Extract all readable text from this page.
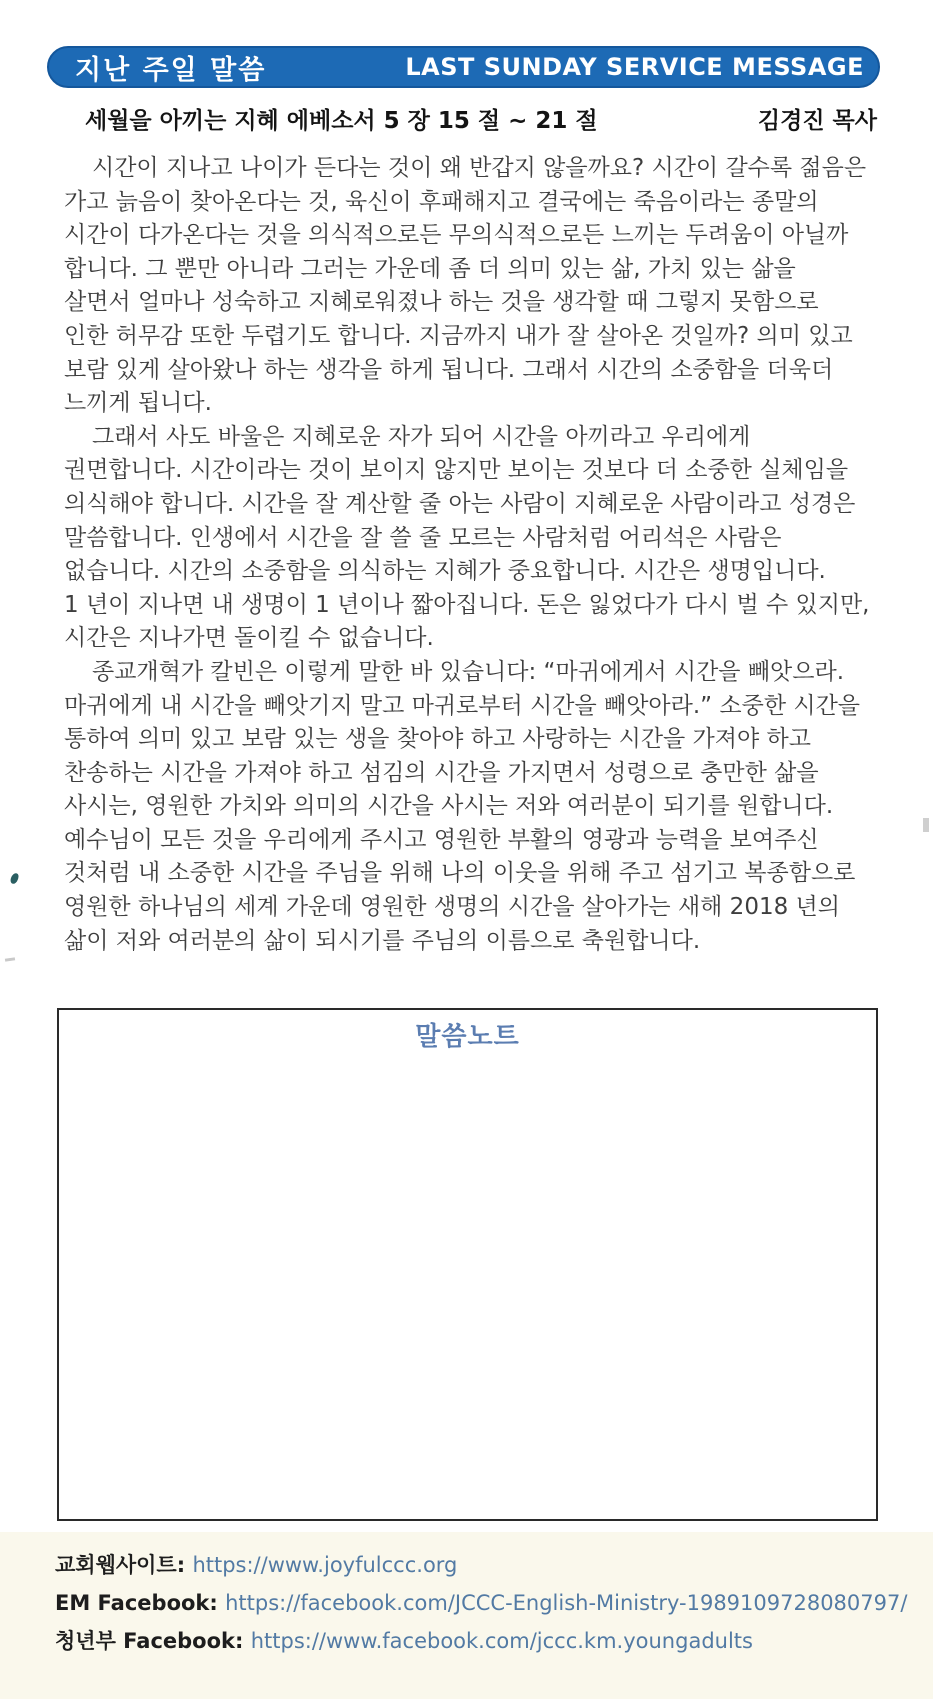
지난 주일 말씀	LAST SUNDAY SERVICE MESSAGE
세월을 아끼는 지혜 에베소서 5 장 15 절 ~ 21 절	김경진 목사
시간이 지나고 나이가 든다는 것이 왜 반갑지 않을까요? 시간이 갈수록 젊음은
가고 늙음이 찾아온다는 것, 육신이 후패해지고 결국에는 죽음이라는 종말의
시간이 다가온다는 것을 의식적으로든 무의식적으로든 느끼는 두려움이 아닐까
합니다. 그 뿐만 아니라 그러는 가운데 좀 더 의미 있는 삶, 가치 있는 삶을
살면서 얼마나 성숙하고 지혜로워졌나 하는 것을 생각할 때 그렇지 못함으로
인한 허무감 또한 두렵기도 합니다. 지금까지 내가 잘 살아온 것일까? 의미 있고
보람 있게 살아왔나 하는 생각을 하게 됩니다. 그래서 시간의 소중함을 더욱더
느끼게 됩니다.
그래서 사도 바울은 지혜로운 자가 되어 시간을 아끼라고 우리에게
권면합니다. 시간이라는 것이 보이지 않지만 보이는 것보다 더 소중한 실체임을
의식해야 합니다. 시간을 잘 계산할 줄 아는 사람이 지혜로운 사람이라고 성경은
말씀합니다. 인생에서 시간을 잘 쓸 줄 모르는 사람처럼 어리석은 사람은
없습니다. 시간의 소중함을 의식하는 지혜가 중요합니다. 시간은 생명입니다.
1 년이 지나면 내 생명이 1 년이나 짧아집니다. 돈은 잃었다가 다시 벌 수 있지만,
시간은 지나가면 돌이킬 수 없습니다.
종교개혁가 칼빈은 이렇게 말한 바 있습니다: “마귀에게서 시간을 빼앗으라.
마귀에게 내 시간을 빼앗기지 말고 마귀로부터 시간을 빼앗아라.” 소중한 시간을
통하여 의미 있고 보람 있는 생을 찾아야 하고 사랑하는 시간을 가져야 하고
찬송하는 시간을 가져야 하고 섬김의 시간을 가지면서 성령으로 충만한 삶을
사시는, 영원한 가치와 의미의 시간을 사시는 저와 여러분이 되기를 원합니다.
예수님이 모든 것을 우리에게 주시고 영원한 부활의 영광과 능력을 보여주신
것처럼 내 소중한 시간을 주님을 위해 나의 이웃을 위해 주고 섬기고 복종함으로
영원한 하나님의 세계 가운데 영원한 생명의 시간을 살아가는 새해 2018 년의
삶이 저와 여러분의 삶이 되시기를 주님의 이름으로 축원합니다.
말씀노트
교회웹사이트: https://www.joyfulccc.org
EM Facebook: https://facebook.com/JCCC-English-Ministry-1989109728080797/
청년부 Facebook: https://www.facebook.com/jccc.km.youngadults
